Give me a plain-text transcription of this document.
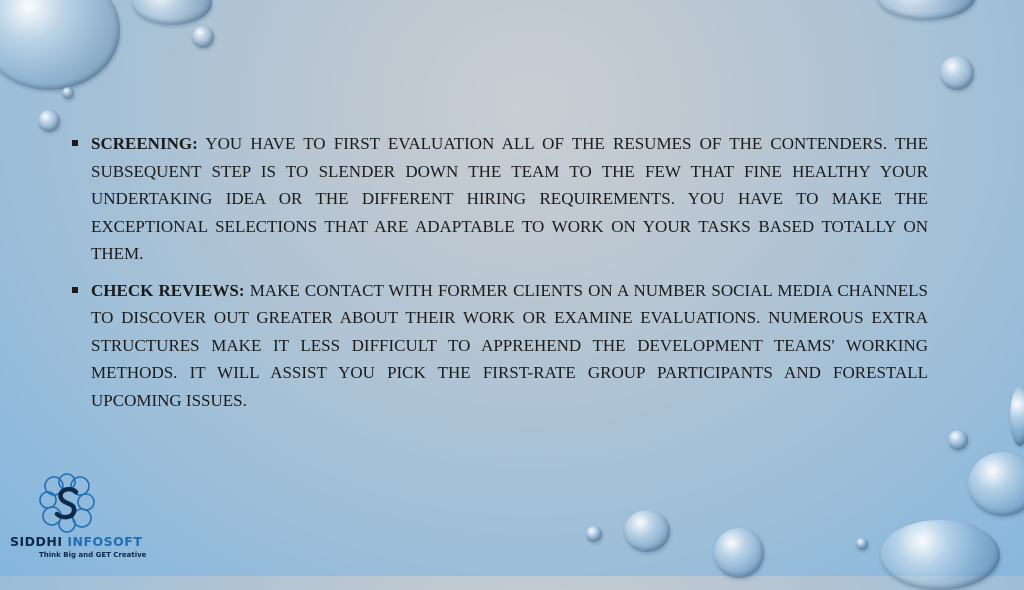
SCREENING: YOU HAVE TO FIRST EVALUATION ALL OF THE RESUMES OF THE CONTENDERS. THE SUBSEQUENT STEP IS TO SLENDER DOWN THE TEAM TO THE FEW THAT FINE HEALTHY YOUR UNDERTAKING IDEA OR THE DIFFERENT HIRING REQUIREMENTS. YOU HAVE TO MAKE THE EXCEPTIONAL SELECTIONS THAT ARE ADAPTABLE TO WORK ON YOUR TASKS BASED TOTALLY ON THEM.
CHECK REVIEWS: MAKE CONTACT WITH FORMER CLIENTS ON A NUMBER SOCIAL MEDIA CHANNELS TO DISCOVER OUT GREATER ABOUT THEIR WORK OR EXAMINE EVALUATIONS. NUMEROUS EXTRA STRUCTURES MAKE IT LESS DIFFICULT TO APPREHEND THE DEVELOPMENT TEAMS' WORKING METHODS. IT WILL ASSIST YOU PICK THE FIRST-RATE GROUP PARTICIPANTS AND FORESTALL UPCOMING ISSUES.
SIDDHI INFOSOFT
Think Big and GET Creative
